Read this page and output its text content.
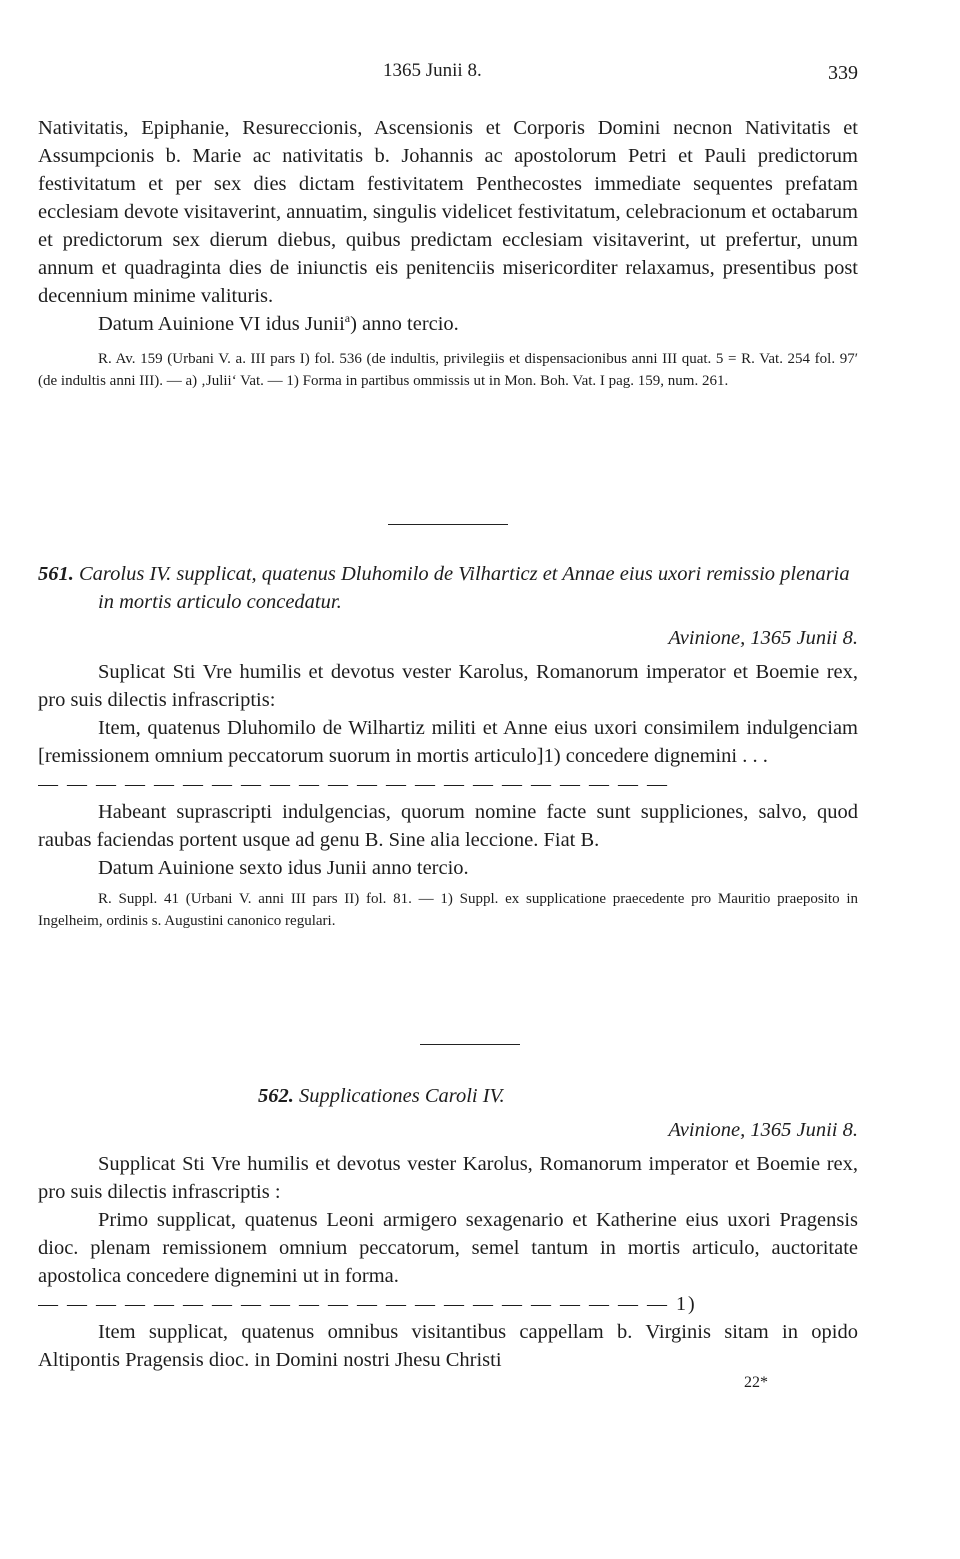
1365 Junii 8.	339

Nativitatis, Epiphanie, Resureccionis, Ascensionis et Corporis Domini necnon Nativitatis et Assumpcionis b. Marie ac nativitatis b. Johannis ac apostolorum Petri et Pauli predictorum festivitatum et per sex dies dictam festivitatem Penthecostes immediate sequentes prefatam ecclesiam devote visitaverint, annuatim, singulis videlicet festivitatum, celebracionum et octabarum et predictorum sex dierum diebus, quibus predictam ecclesiam visitaverint, ut prefertur, unum annum et quadraginta dies de iniunctis eis penitenciis misericorditer relaxamus, presentibus post decennium minime valituris.

Datum Auinione VI idus Junii$^a$) anno tercio.

R. Av. 159 (Urbani V. a. III pars I) fol. 536 (de indultis, privilegiis et dispensacionibus anni III quat. 5 = R. Vat. 254 fol. 97′ (de indultis anni III). — a) ‚Julii‘ Vat. — 1) Forma in partibus ommissis ut in Mon. Boh. Vat. I pag. 159, num. 261.

561. Carolus IV. supplicat, quatenus Dluhomilo de Vilharticz et Annae eius uxori remissio plenaria in mortis articulo concedatur.

Avinione, 1365 Junii 8.

Suplicat Sti Vre humilis et devotus vester Karolus, Romanorum imperator et Boemie rex, pro suis dilectis infrascriptis:

Item, quatenus Dluhomilo de Wilhartiz militi et Anne eius uxori consimilem indulgenciam [remissionem omnium peccatorum suorum in mortis articulo]1) concedere dignemini . . .

— — — — — — — — — — — — — — — — — — — — — —

Habeant suprascripti indulgencias, quorum nomine facte sunt suppliciones, salvo, quod raubas faciendas portent usque ad genu B. Sine alia leccione. Fiat B.

Datum Auinione sexto idus Junii anno tercio.

R. Suppl. 41 (Urbani V. anni III pars II) fol. 81. — 1) Suppl. ex supplicatione praecedente pro Mauritio praeposito in Ingelheim, ordinis s. Augustini canonico regulari.

562. Supplicationes Caroli IV.

Avinione, 1365 Junii 8.

Supplicat Sti Vre humilis et devotus vester Karolus, Romanorum imperator et Boemie rex, pro suis dilectis infrascriptis :

Primo supplicat, quatenus Leoni armigero sexagenario et Katherine eius uxori Pragensis dioc. plenam remissionem omnium peccatorum, semel tantum in mortis articulo, auctoritate apostolica concedere dignemini ut in forma.

— — — — — — — — — — — — — — — — — — — — — — 1)

Item supplicat, quatenus omnibus visitantibus cappellam b. Virginis sitam in opido Altipontis Pragensis dioc. in Domini nostri Jhesu Christi

22*
